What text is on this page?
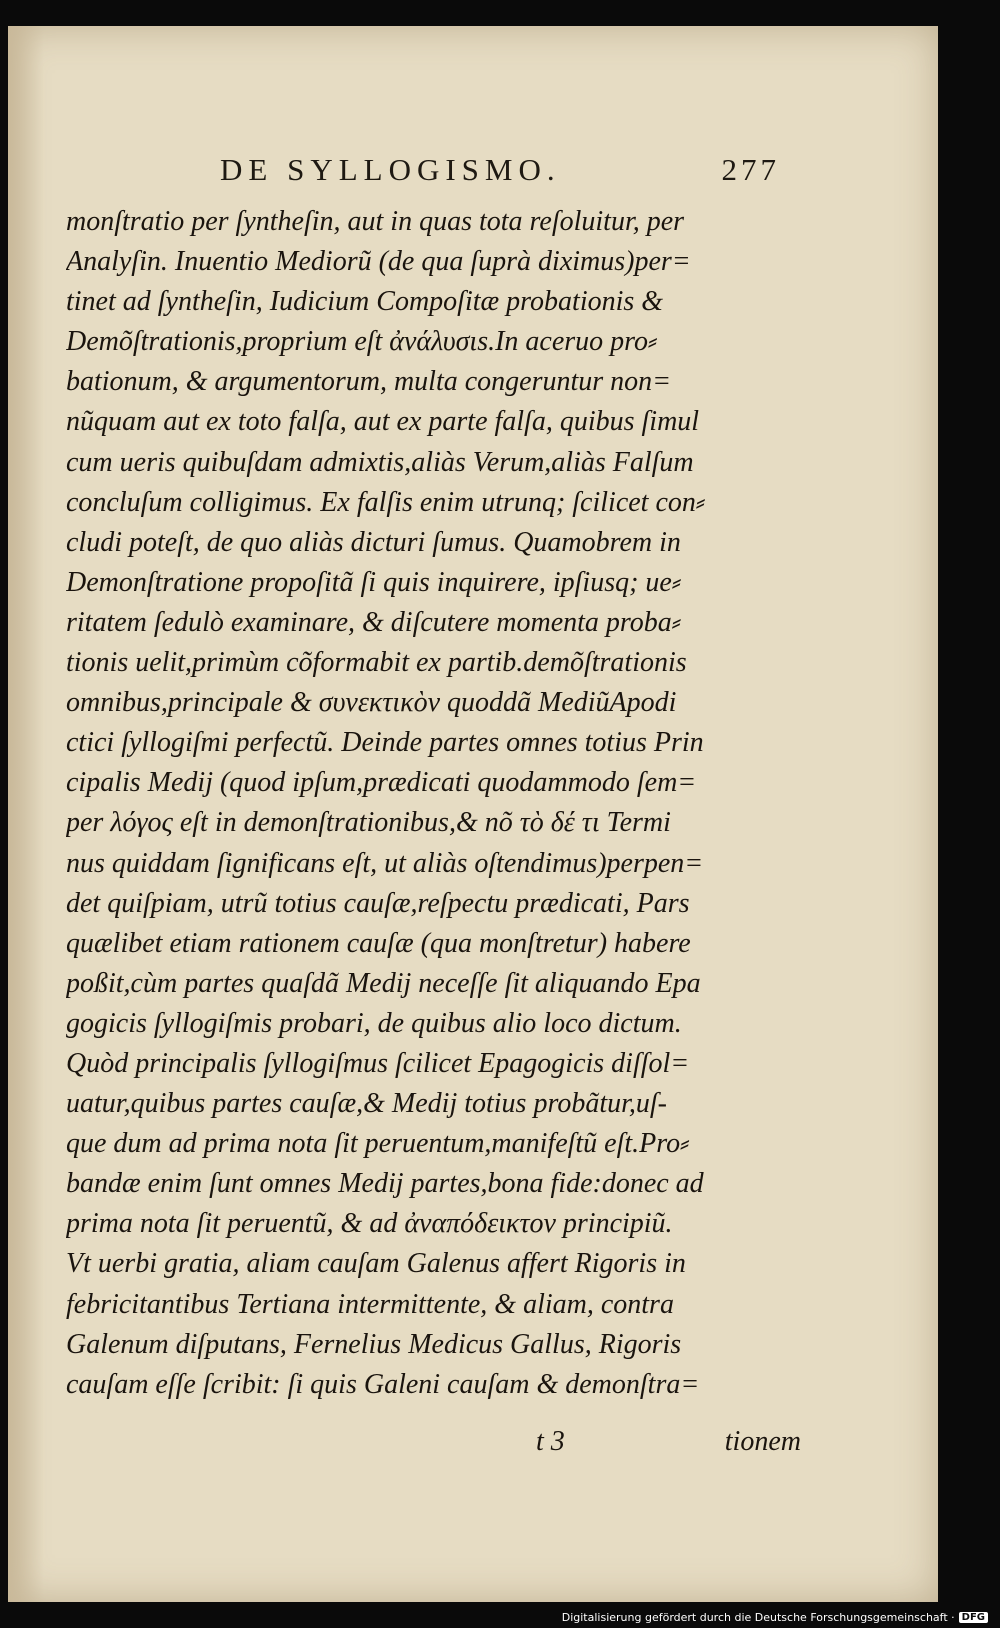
DE SYLLOGISMO.	277
monſtratio per ſyntheſin, aut in quas tota reſoluitur, per
Analyſin. Inuentio Mediorũ (de qua ſuprà diximus)per=
tinet ad ſyntheſin, Iudicium Compoſitæ probationis &
Demõſtrationis,proprium eſt ἀνάλυσιs.In aceruo pro⸗
bationum, & argumentorum, multa congeruntur non=
nũquam aut ex toto falſa, aut ex parte falſa, quibus ſimul
cum ueris quibuſdam admixtis,aliàs Verum,aliàs Falſum
concluſum colligimus. Ex falſis enim utrunq; ſcilicet con⸗
cludi poteſt, de quo aliàs dicturi ſumus. Quamobrem in
Demonſtratione propoſitã ſi quis inquirere, ipſiusq; ue⸗
ritatem ſedulò examinare, & diſcutere momenta proba⸗
tionis uelit,primùm cõformabit ex partib.demõſtrationis
omnibus,principale & συνεκτικὸν quoddã MediũApodi
ctici ſyllogiſmi perfectũ. Deinde partes omnes totius Prin
cipalis Medij (quod ipſum,prædicati quodammodo ſem=
per λόγος eſt in demonſtrationibus,& nõ τὸ δέ τι Termi
nus quiddam ſignificans eſt, ut aliàs oſtendimus)perpen=
det quiſpiam, utrũ totius cauſæ,reſpectu prædicati, Pars
quælibet etiam rationem cauſæ (qua monſtretur) habere
poßit,cùm partes quaſdã Medij neceſſe ſit aliquando Epa
gogicis ſyllogiſmis probari, de quibus alio loco dictum.
Quòd principalis ſyllogiſmus ſcilicet Epagogicis diſſol=
uatur,quibus partes cauſæ,& Medij totius probãtur,uſ-
que dum ad prima nota ſit peruentum,manifeſtũ eſt.Pro⸗
bandæ enim ſunt omnes Medij partes,bona fide:donec ad
prima nota ſit peruentũ, & ad ἀναπόδεικτον principiũ.
Vt uerbi gratia, aliam cauſam Galenus affert Rigoris in
febricitantibus Tertiana intermittente, & aliam, contra
Galenum diſputans, Fernelius Medicus Gallus, Rigoris
cauſam eſſe ſcribit: ſi quis Galeni cauſam & demonſtra=
t 3	tionem
Digitalisierung gefördert durch die Deutsche Forschungsgemeinschaft · DFG
